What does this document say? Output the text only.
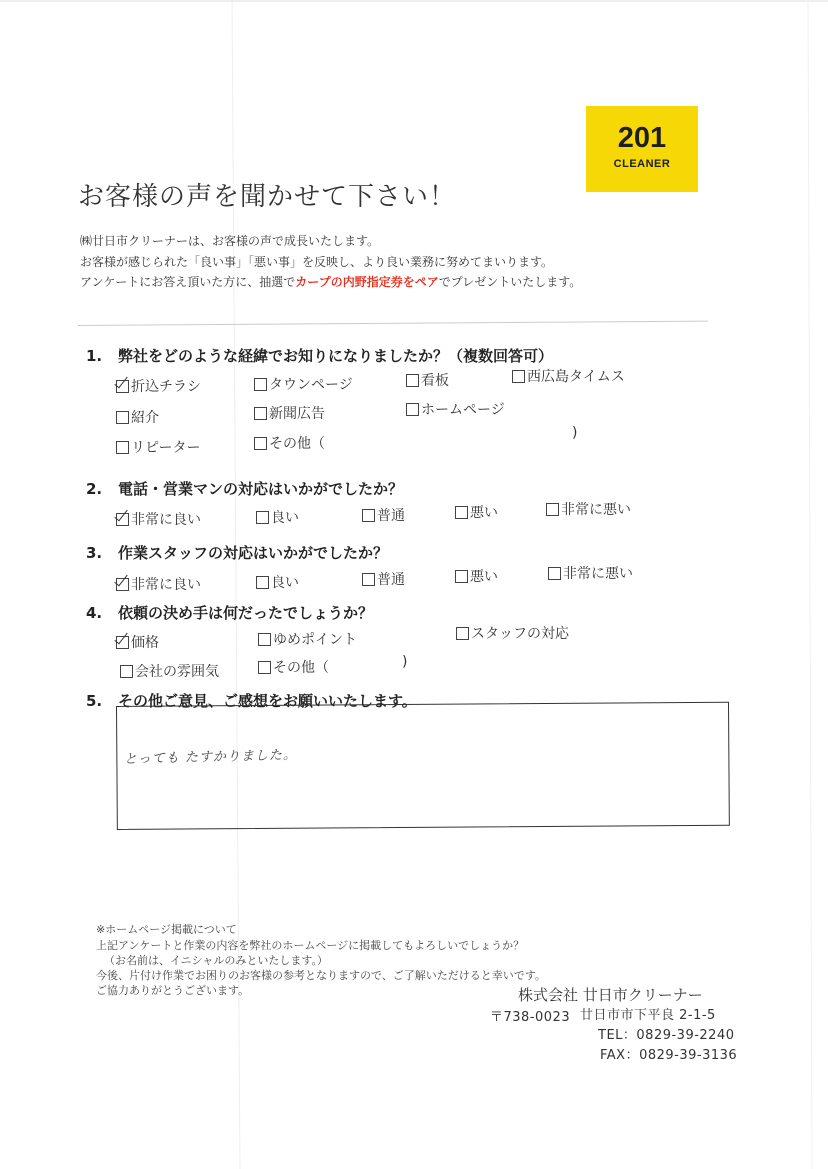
201
CLEANER
お客様の声を聞かせて下さい！
㈱廿日市クリーナーは、お客様の声で成長いたします。
お客様が感じられた「良い事」「悪い事」を反映し、より良い業務に努めてまいります。
アンケートにお答え頂いた方に、抽選でカープの内野指定券をペアでプレゼントいたします。
1. 弊社をどのような経緯でお知りになりましたか？（複数回答可）
折込チラシ	タウンページ	看板	西広島タイムス
紹介	新聞広告	ホームページ
リピーター	その他（
)
2. 電話・営業マンの対応はいかがでしたか？
非常に良い	良い	普通	悪い	非常に悪い
3. 作業スタッフの対応はいかがでしたか？
非常に良い	良い	普通	悪い	非常に悪い
4. 依頼の決め手は何だったでしょうか？
価格	ゆめポイント	スタッフの対応
会社の雰囲気	その他（	)
5. その他ご意見、ご感想をお願いいたします。
とっても たすかりました。
※ホームページ掲載について
上記アンケートと作業の内容を弊社のホームページに掲載してもよろしいでしょうか？
（お名前は、イニシャルのみといたします。）
今後、片付け作業でお困りのお客様の参考となりますので、ご了解いただけると幸いです。
ご協力ありがとうございます。	株式会社 廿日市クリーナー
〒738-0023 廿日市市下平良 2-1-5
TEL：0829-39-2240
FAX：0829-39-3136
